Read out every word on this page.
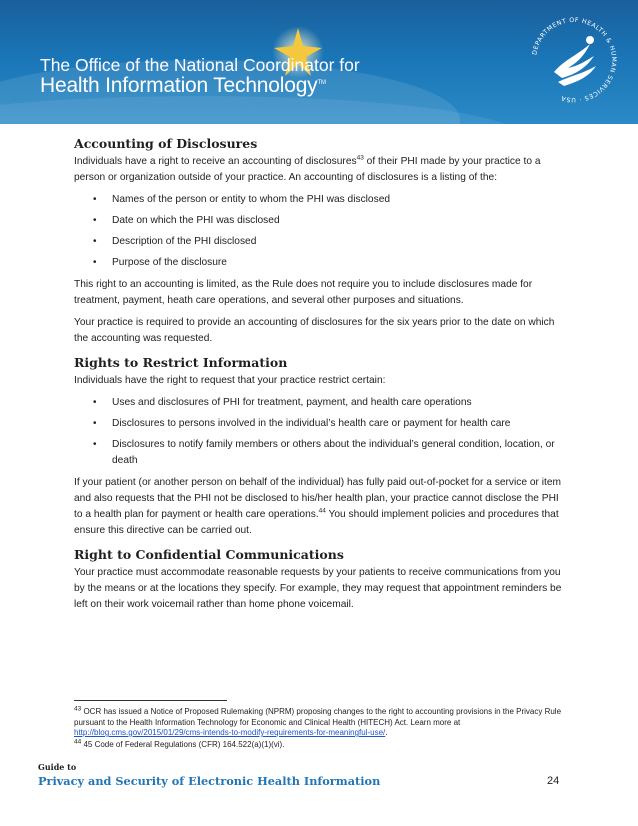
The Office of the National Coordinator for
Health Information Technology™
DEPARTMENT OF HEALTH & HUMAN SERVICES · USA
Accounting of Disclosures

Individuals have a right to receive an accounting of disclosures$^{43}$ of their PHI made by your practice to a person or organization outside of your practice. An accounting of disclosures is a listing of the:

• Names of the person or entity to whom the PHI was disclosed
• Date on which the PHI was disclosed
• Description of the PHI disclosed
• Purpose of the disclosure

This right to an accounting is limited, as the Rule does not require you to include disclosures made for treatment, payment, heath care operations, and several other purposes and situations.

Your practice is required to provide an accounting of disclosures for the six years prior to the date on which the accounting was requested.

Rights to Restrict Information

Individuals have the right to request that your practice restrict certain:

• Uses and disclosures of PHI for treatment, payment, and health care operations
• Disclosures to persons involved in the individual’s health care or payment for health care
• Disclosures to notify family members or others about the individual’s general condition, location, or death

If your patient (or another person on behalf of the individual) has fully paid out-of-pocket for a service or item and also requests that the PHI not be disclosed to his/her health plan, your practice cannot disclose the PHI to a health plan for payment or health care operations.$^{44}$ You should implement policies and procedures that ensure this directive can be carried out.

Right to Confidential Communications

Your practice must accommodate reasonable requests by your patients to receive communications from you by the means or at the locations they specify. For example, they may request that appointment reminders be left on their work voicemail rather than home phone voicemail.

$^{43}$ OCR has issued a Notice of Proposed Rulemaking (NPRM) proposing changes to the right to accounting provisions in the Privacy Rule pursuant to the Health Information Technology for Economic and Clinical Health (HITECH) Act. Learn more at http://blog.cms.gov/2015/01/29/cms-intends-to-modify-requirements-for-meaningful-use/.
$^{44}$ 45 Code of Federal Regulations (CFR) 164.522(a)(1)(vi).
Guide to
Privacy and Security of Electronic Health Information	24
